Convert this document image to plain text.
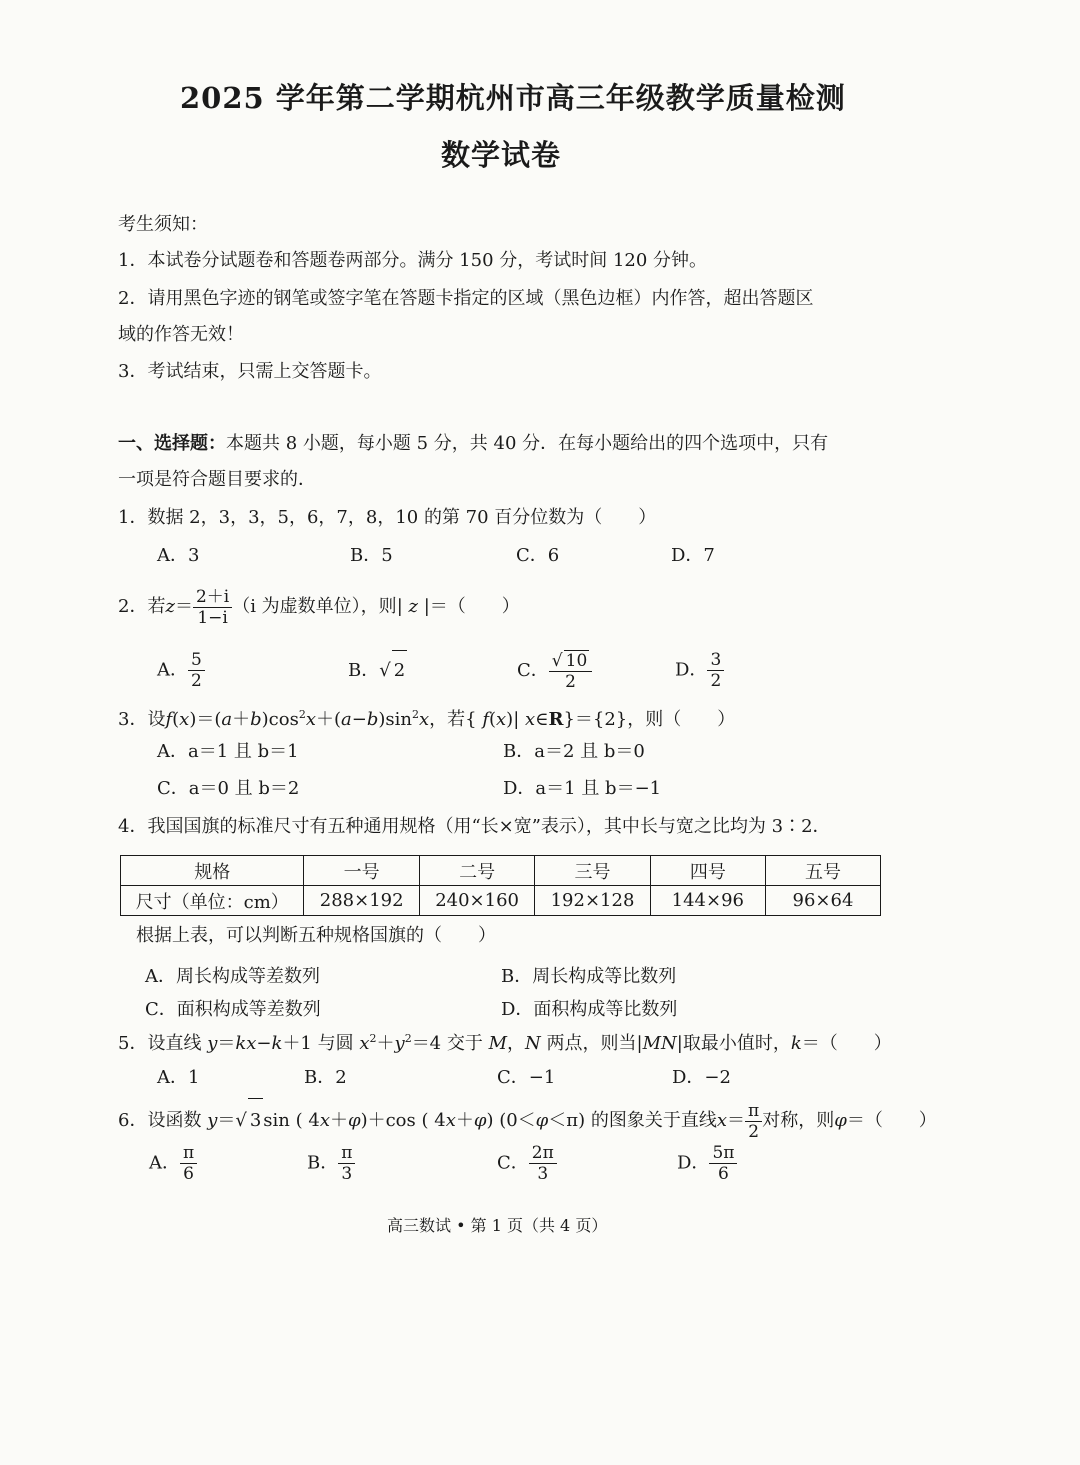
2025 学年第二学期杭州市高三年级教学质量检测
数学试卷
考生须知：
1．本试卷分试题卷和答题卷两部分。满分 150 分，考试时间 120 分钟。
2．请用黑色字迹的钢笔或签字笔在答题卡指定的区域（黑色边框）内作答，超出答题区
域的作答无效！
3．考试结束，只需上交答题卡。
一、选择题：本题共 8 小题，每小题 5 分，共 40 分．在每小题给出的四个选项中，只有
一项是符合题目要求的．
1．数据 2，3，3，5，6，7，8，10 的第 70 百分位数为（　　）
A．3	B．5	C．6	D．7
2．若$z= \frac{2+i}{1-i} (i$ 为虚数单位），则| z |＝（　　）
A． $\frac{5}{2}$	B．√ 2	C． $\frac{√ 10}{2}$	D． $\frac{3}{2}$
3．设$f(x)=(a+b)\cos^2x+(a-b)\sin^2x$，若{ f(x)| x∈R}＝{2}，则（　　）
A．a＝1 且 b＝1	B．a＝2 且 b＝0
C．a＝0 且 b＝2	D．a＝1 且 b＝−1
4．我国国旗的标准尺寸有五种通用规格（用“长×宽”表示），其中长与宽之比均为 3∶2．
规格	一号	二号	三号	四号	五号
尺寸（单位：cm）	288×192	240×160	192×128	144×96	96×64
根据上表，可以判断五种规格国旗的（　　）
A．周长构成等差数列	B．周长构成等比数列
C．面积构成等差数列	D．面积构成等比数列
5．设直线 y＝kx−k＋1 与圆 $x^2+y^2=4$ 交于 M，N 两点，则当|MN|取最小值时，k＝（　　）
A．1	B．2	C．−1	D．−2
6．设函数 y＝√ 3 sin ( 4x＋φ)＋cos ( 4x＋φ) (0＜φ＜π) 的图象关于直线$x= \frac{\pi}{2}$ 对称，则φ＝（　　）
A． $\frac{\pi}{6}$	B． $\frac{\pi}{3}$	C． $\frac{2\pi}{3}$	D． $\frac{5\pi}{6}$
高三数试 • 第 1 页（共 4 页）
